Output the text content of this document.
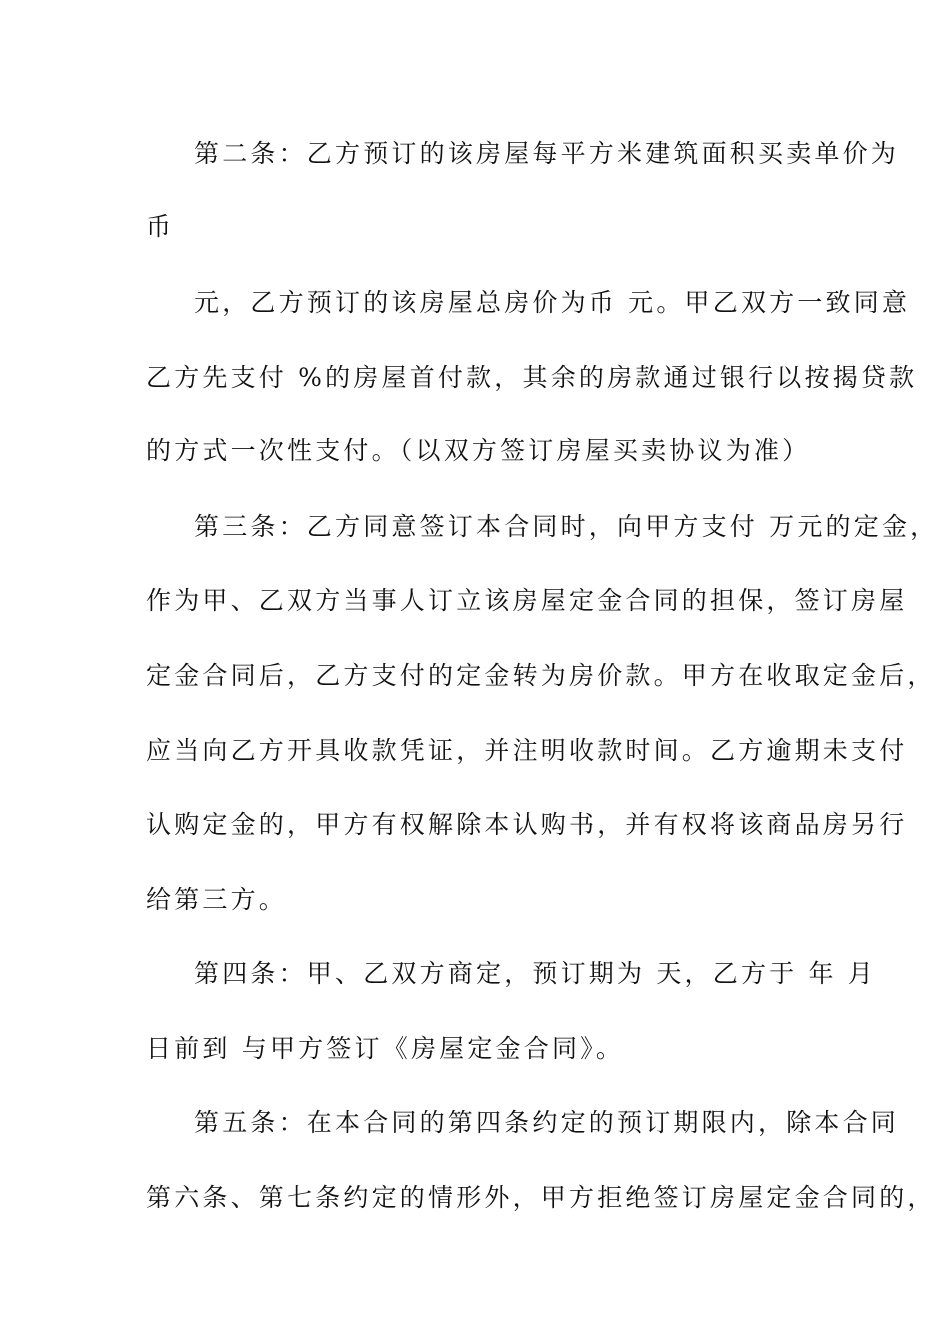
第二条：乙方预订的该房屋每平方米建筑面积买卖单价为
币
元，乙方预订的该房屋总房价为币 元。甲乙双方一致同意
乙方先支付 %的房屋首付款，其余的房款通过银行以按揭贷款
的方式一次性支付。（以双方签订房屋买卖协议为准）
第三条：乙方同意签订本合同时，向甲方支付 万元的定金，
作为甲、乙双方当事人订立该房屋定金合同的担保，签订房屋
定金合同后，乙方支付的定金转为房价款。甲方在收取定金后，
应当向乙方开具收款凭证，并注明收款时间。乙方逾期未支付
认购定金的，甲方有权解除本认购书，并有权将该商品房另行
给第三方。
第四条：甲、乙双方商定，预订期为 天，乙方于 年 月
日前到 与甲方签订《房屋定金合同》。
第五条：在本合同的第四条约定的预订期限内，除本合同
第六条、第七条约定的情形外，甲方拒绝签订房屋定金合同的，
